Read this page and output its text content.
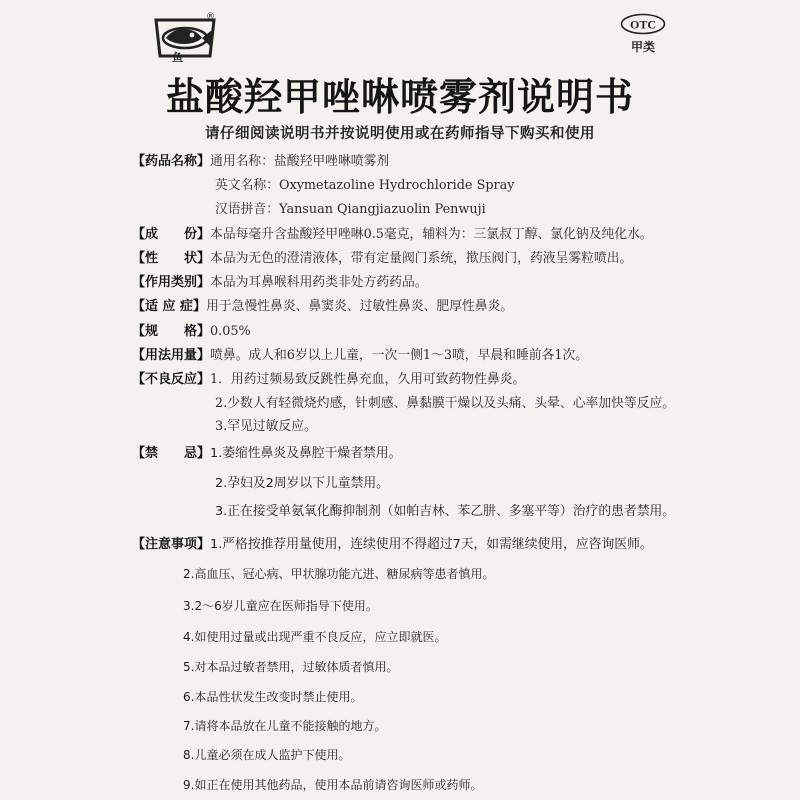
®
鱼
OTC
甲类
盐酸羟甲唑啉喷雾剂说明书
请仔细阅读说明书并按说明使用或在药师指导下购买和使用
【药品名称】通用名称：盐酸羟甲唑啉喷雾剂
英文名称：Oxymetazoline Hydrochloride Spray
汉语拼音：Yansuan Qiangjiazuolin Penwuji
【成　　份】本品每毫升含盐酸羟甲唑啉0.5毫克，辅料为：三氯叔丁醇、氯化钠及纯化水。
【性　　状】本品为无色的澄清液体，带有定量阀门系统，揿压阀门，药液呈雾粒喷出。
【作用类别】本品为耳鼻喉科用药类非处方药药品。
【适 应 症】用于急慢性鼻炎、鼻窦炎、过敏性鼻炎、肥厚性鼻炎。
【规　　格】0.05%
【用法用量】喷鼻。成人和6岁以上儿童，一次一侧1～3喷，早晨和睡前各1次。
【不良反应】1．用药过频易致反跳性鼻充血，久用可致药物性鼻炎。
2.少数人有轻微烧灼感，针刺感、鼻黏膜干燥以及头痛、头晕、心率加快等反应。
3.罕见过敏反应。
【禁　　忌】1.萎缩性鼻炎及鼻腔干燥者禁用。
2.孕妇及2周岁以下儿童禁用。
3.正在接受单氨氧化酶抑制剂（如帕吉林、苯乙肼、多塞平等）治疗的患者禁用。
【注意事项】1.严格按推荐用量使用，连续使用不得超过7天，如需继续使用，应咨询医师。
2.高血压、冠心病、甲状腺功能亢进、糖尿病等患者慎用。
3.2～6岁儿童应在医师指导下使用。
4.如使用过量或出现严重不良反应，应立即就医。
5.对本品过敏者禁用，过敏体质者慎用。
6.本品性状发生改变时禁止使用。
7.请将本品放在儿童不能接触的地方。
8.儿童必须在成人监护下使用。
9.如正在使用其他药品，使用本品前请咨询医师或药师。
